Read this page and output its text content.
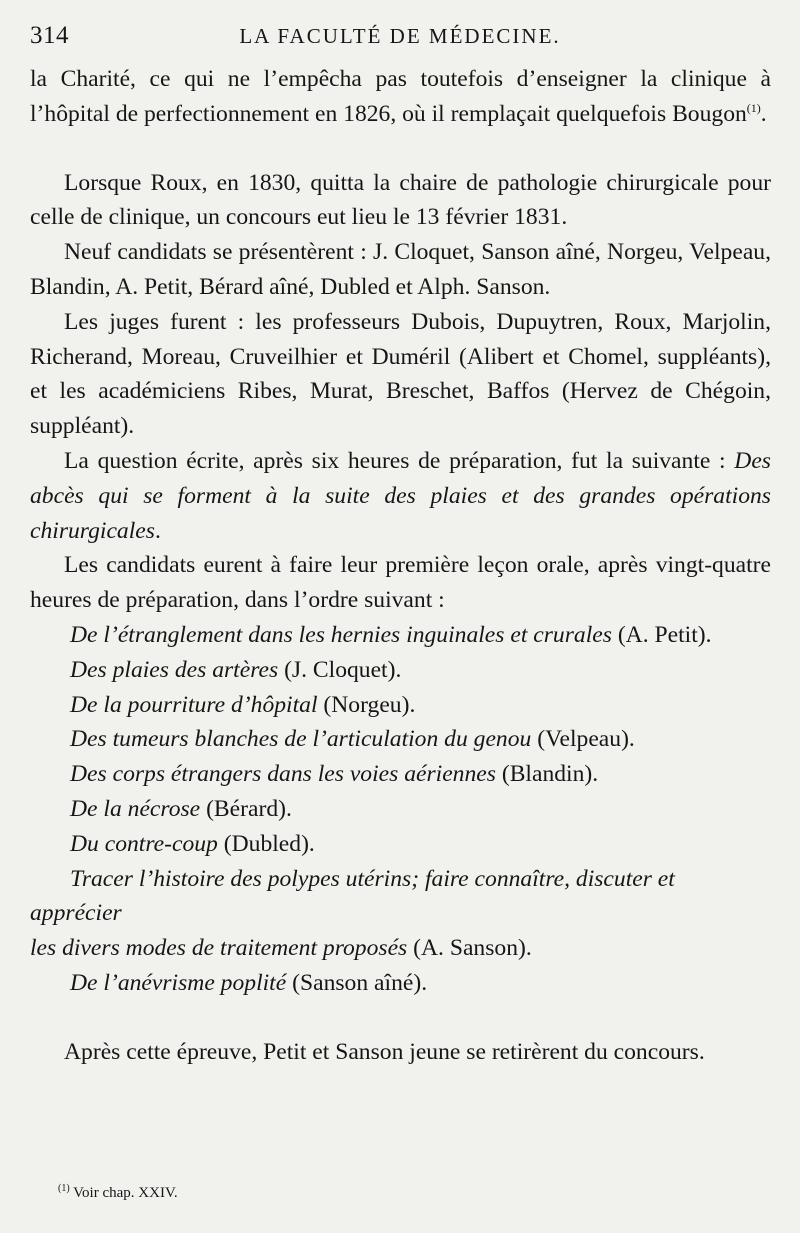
314	LA FACULTÉ DE MÉDECINE.

la Charité, ce qui ne l’empêcha pas toutefois d’enseigner la clinique à l’hôpital de perfectionnement en 1826, où il remplaçait quelquefois Bougon$^{(1)}$.

Lorsque Roux, en 1830, quitta la chaire de pathologie chirurgicale pour celle de clinique, un concours eut lieu le 13 février 1831.

Neuf candidats se présentèrent : J. Cloquet, Sanson aîné, Norgeu, Velpeau, Blandin, A. Petit, Bérard aîné, Dubled et Alph. Sanson.

Les juges furent : les professeurs Dubois, Dupuytren, Roux, Marjolin, Richerand, Moreau, Cruveilhier et Duméril (Alibert et Chomel, suppléants), et les académiciens Ribes, Murat, Breschet, Baffos (Hervez de Chégoin, suppléant).

La question écrite, après six heures de préparation, fut la suivante : Des abcès qui se forment à la suite des plaies et des grandes opérations chirurgicales.

Les candidats eurent à faire leur première leçon orale, après vingt-quatre heures de préparation, dans l’ordre suivant :

De l’étranglement dans les hernies inguinales et crurales (A. Petit).
Des plaies des artères (J. Cloquet).
De la pourriture d’hôpital (Norgeu).
Des tumeurs blanches de l’articulation du genou (Velpeau).
Des corps étrangers dans les voies aériennes (Blandin).
De la nécrose (Bérard).
Du contre-coup (Dubled).
Tracer l’histoire des polypes utérins; faire connaître, discuter et apprécier
les divers modes de traitement proposés (A. Sanson).
De l’anévrisme poplité (Sanson aîné).

Après cette épreuve, Petit et Sanson jeune se retirèrent du concours.

$^{(1)}$ Voir chap. XXIV.
